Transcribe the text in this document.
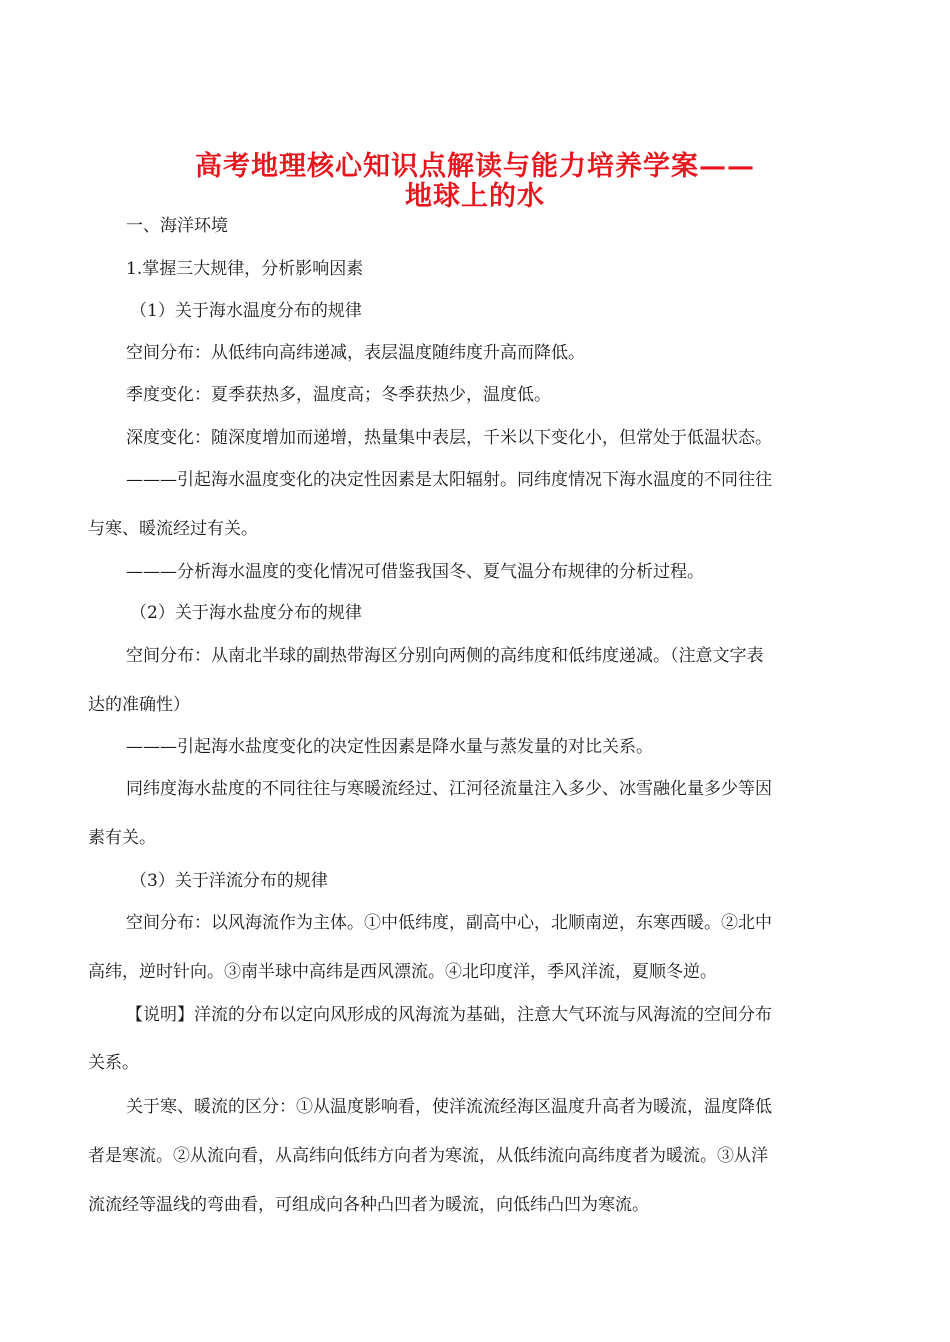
高考地理核心知识点解读与能力培养学案——
地球上的水

一、海洋环境

1.掌握三大规律，分析影响因素

（1）关于海水温度分布的规律

空间分布：从低纬向高纬递减，表层温度随纬度升高而降低。

季度变化：夏季获热多，温度高；冬季获热少，温度低。

深度变化：随深度增加而递增，热量集中表层，千米以下变化小，但常处于低温状态。

———引起海水温度变化的决定性因素是太阳辐射。同纬度情况下海水温度的不同往往

与寒、暖流经过有关。

———分析海水温度的变化情况可借鉴我国冬、夏气温分布规律的分析过程。

（2）关于海水盐度分布的规律

空间分布：从南北半球的副热带海区分别向两侧的高纬度和低纬度递减。（注意文字表

达的准确性）

———引起海水盐度变化的决定性因素是降水量与蒸发量的对比关系。

同纬度海水盐度的不同往往与寒暖流经过、江河径流量注入多少、冰雪融化量多少等因

素有关。

（3）关于洋流分布的规律

空间分布：以风海流作为主体。①中低纬度，副高中心，北顺南逆，东寒西暖。②北中

高纬，逆时针向。③南半球中高纬是西风漂流。④北印度洋，季风洋流，夏顺冬逆。

【说明】洋流的分布以定向风形成的风海流为基础，注意大气环流与风海流的空间分布

关系。

关于寒、暖流的区分：①从温度影响看，使洋流流经海区温度升高者为暖流，温度降低

者是寒流。②从流向看，从高纬向低纬方向者为寒流，从低纬流向高纬度者为暖流。③从洋

流流经等温线的弯曲看，可组成向各种凸凹者为暖流，向低纬凸凹为寒流。
